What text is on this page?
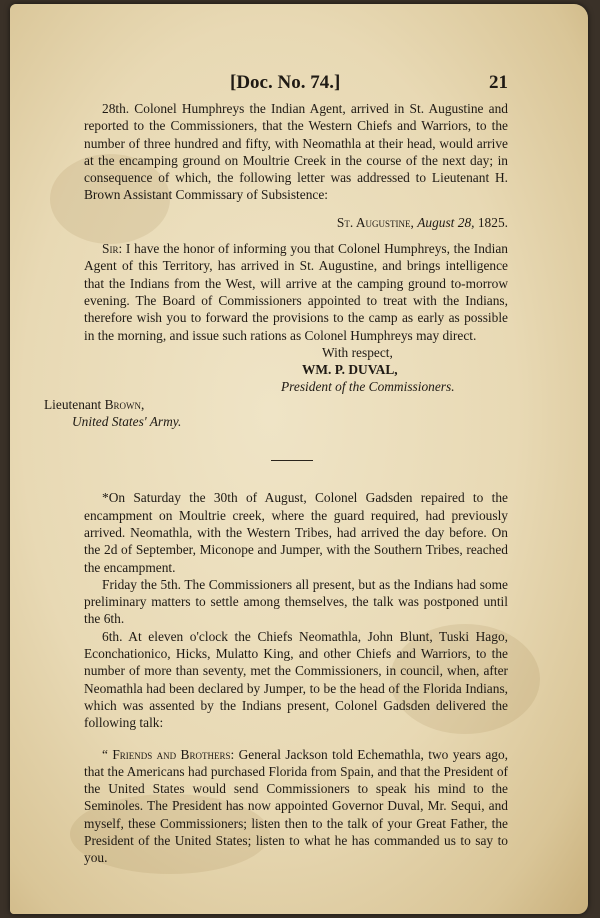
[Doc. No. 74.]	21

28th. Colonel Humphreys the Indian Agent, arrived in St. Augustine and reported to the Commissioners, that the Western Chiefs and Warriors, to the number of three hundred and fifty, with Neomathla at their head, would arrive at the encamping ground on Moultrie Creek in the course of the next day; in consequence of which, the following letter was addressed to Lieutenant H. Brown Assistant Commissary of Subsistence:

St. Augustine, August 28, 1825.

Sir: I have the honor of informing you that Colonel Humphreys, the Indian Agent of this Territory, has arrived in St. Augustine, and brings intelligence that the Indians from the West, will arrive at the camping ground to-morrow evening. The Board of Commissioners appointed to treat with the Indians, therefore wish you to forward the provisions to the camp as early as possible in the morning, and issue such rations as Colonel Humphreys may direct.

With respect,
WM. P. DUVAL,
President of the Commissioners.
Lieutenant Brown,
United States' Army.

*On Saturday the 30th of August, Colonel Gadsden repaired to the encampment on Moultrie creek, where the guard required, had previously arrived. Neomathla, with the Western Tribes, had arrived the day before. On the 2d of September, Miconope and Jumper, with the Southern Tribes, reached the encampment.

Friday the 5th. The Commissioners all present, but as the Indians had some preliminary matters to settle among themselves, the talk was postponed until the 6th.

6th. At eleven o'clock the Chiefs Neomathla, John Blunt, Tuski Hago, Econchationico, Hicks, Mulatto King, and other Chiefs and Warriors, to the number of more than seventy, met the Commissioners, in council, when, after Neomathla had been declared by Jumper, to be the head of the Florida Indians, which was assented by the Indians present, Colonel Gadsden delivered the following talk:

“ Friends and Brothers: General Jackson told Echemathla, two years ago, that the Americans had purchased Florida from Spain, and that the President of the United States would send Commissioners to speak his mind to the Seminoles. The President has now appointed Governor Duval, Mr. Sequi, and myself, these Commissioners; listen then to the talk of your Great Father, the President of the United States; listen to what he has commanded us to say to you.
